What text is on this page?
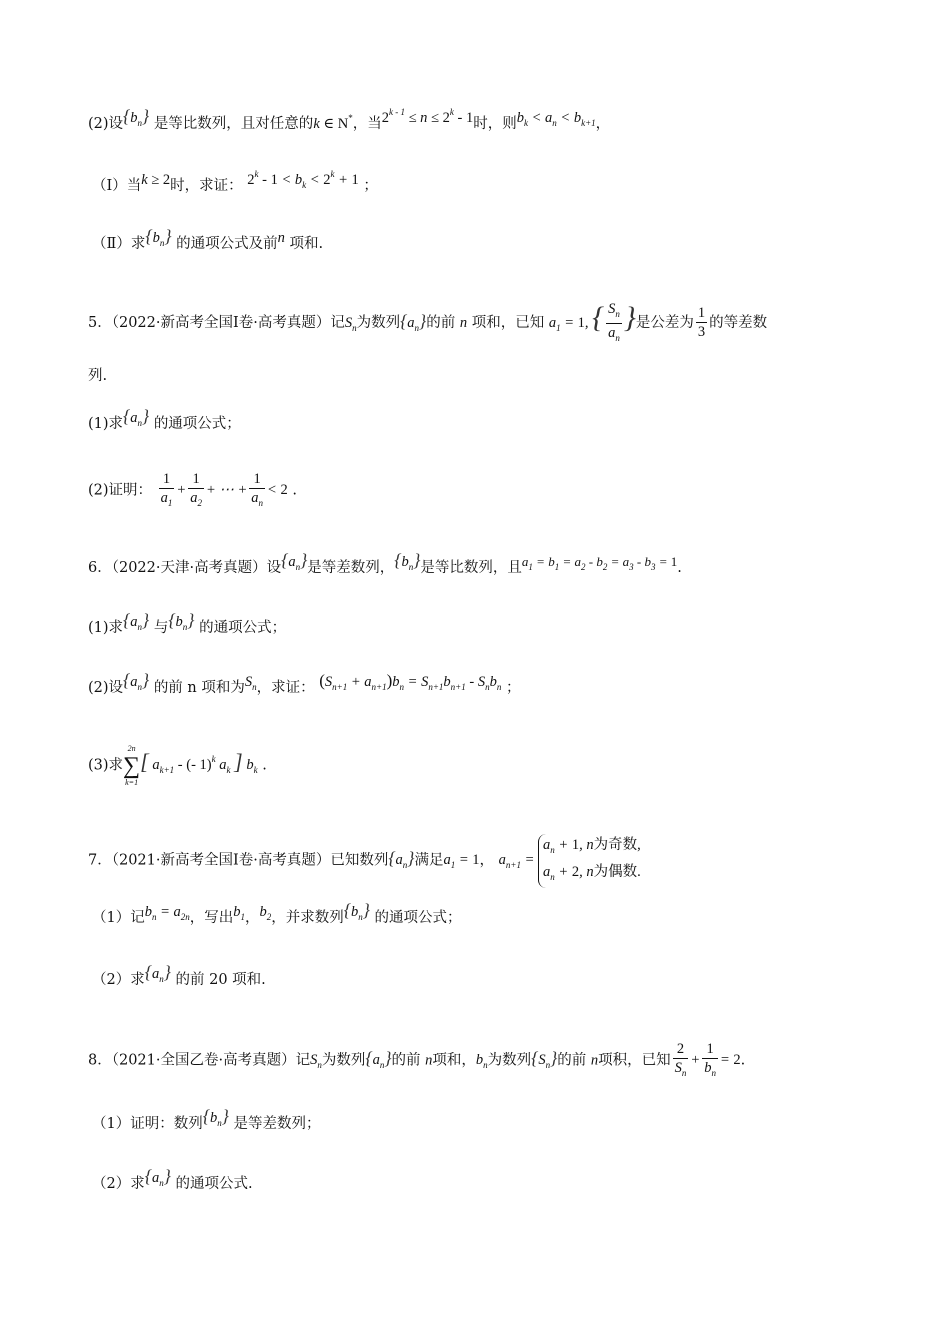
(2)设$\{b_n\}$ 是等比数列，且对任意的k ∈ N*，当$2^{k - 1} \le n \le 2^k - 1$时，则$b_k < a_n < b_{k+1}$，
（Ⅰ）当k ≥ 2时，求证： $2^k - 1 < b_k < 2^k + 1$ ；
（Ⅱ）求$\{b_n\}$ 的通项公式及前n 项和.
5．（2022·新高考全国Ⅰ卷·高考真题）记$S_n$为数列$\{a_n\}$的前 n 项和，已知 $a_1 = 1$, { $\frac{S_n}{a_n}$ }是公差为 $\frac{1}{3}$ 的等差数
列.
(1)求$\{a_n\}$ 的通项公式；
(2)证明： $\frac{1}{a_1} + \frac{1}{a_2}$ + ⋯ + $\frac{1}{a_n} < 2$ .
6．（2022·天津·高考真题）设$\{a_n\}$是等差数列，$\{b_n\}$是等比数列，且$a_1 = b_1 = a_2 - b_2 = a_3 - b_3 = 1$.
(1)求$\{a_n\}$ 与$\{b_n\}$ 的通项公式；
(2)设$\{a_n\}$ 的前 n 项和为$S_n$，求证： $(S_{n+1} + a_{n+1})b_n = S_{n+1}b_{n+1} - S_nb_n$ ；
(3)求
2n
∑
k=1
[ $a_{k+1}$ - (- 1)$^k$ $a_k$ ] $b_k$ .
7．（2021·新高考全国Ⅰ卷·高考真题）已知数列$\{a_n\}$满足$a_1 = 1$， $a_{n+1}$ =
$a_n + 1$, n为奇数,
$a_n + 2$, n为偶数.
（1）记$b_n = a_{2n}$，写出$b_1$，$b_2$，并求数列$\{b_n\}$ 的通项公式；
（2）求$\{a_n\}$ 的前 20 项和.
8．（2021·全国乙卷·高考真题）记$S_n$为数列$\{a_n\}$的前 n项和，$b_n$为数列$\{S_n\}$的前 n项积，已知 $\frac{2}{S_n} + \frac{1}{b_n} = 2$.
（1）证明：数列$\{b_n\}$ 是等差数列；
（2）求$\{a_n\}$ 的通项公式.
